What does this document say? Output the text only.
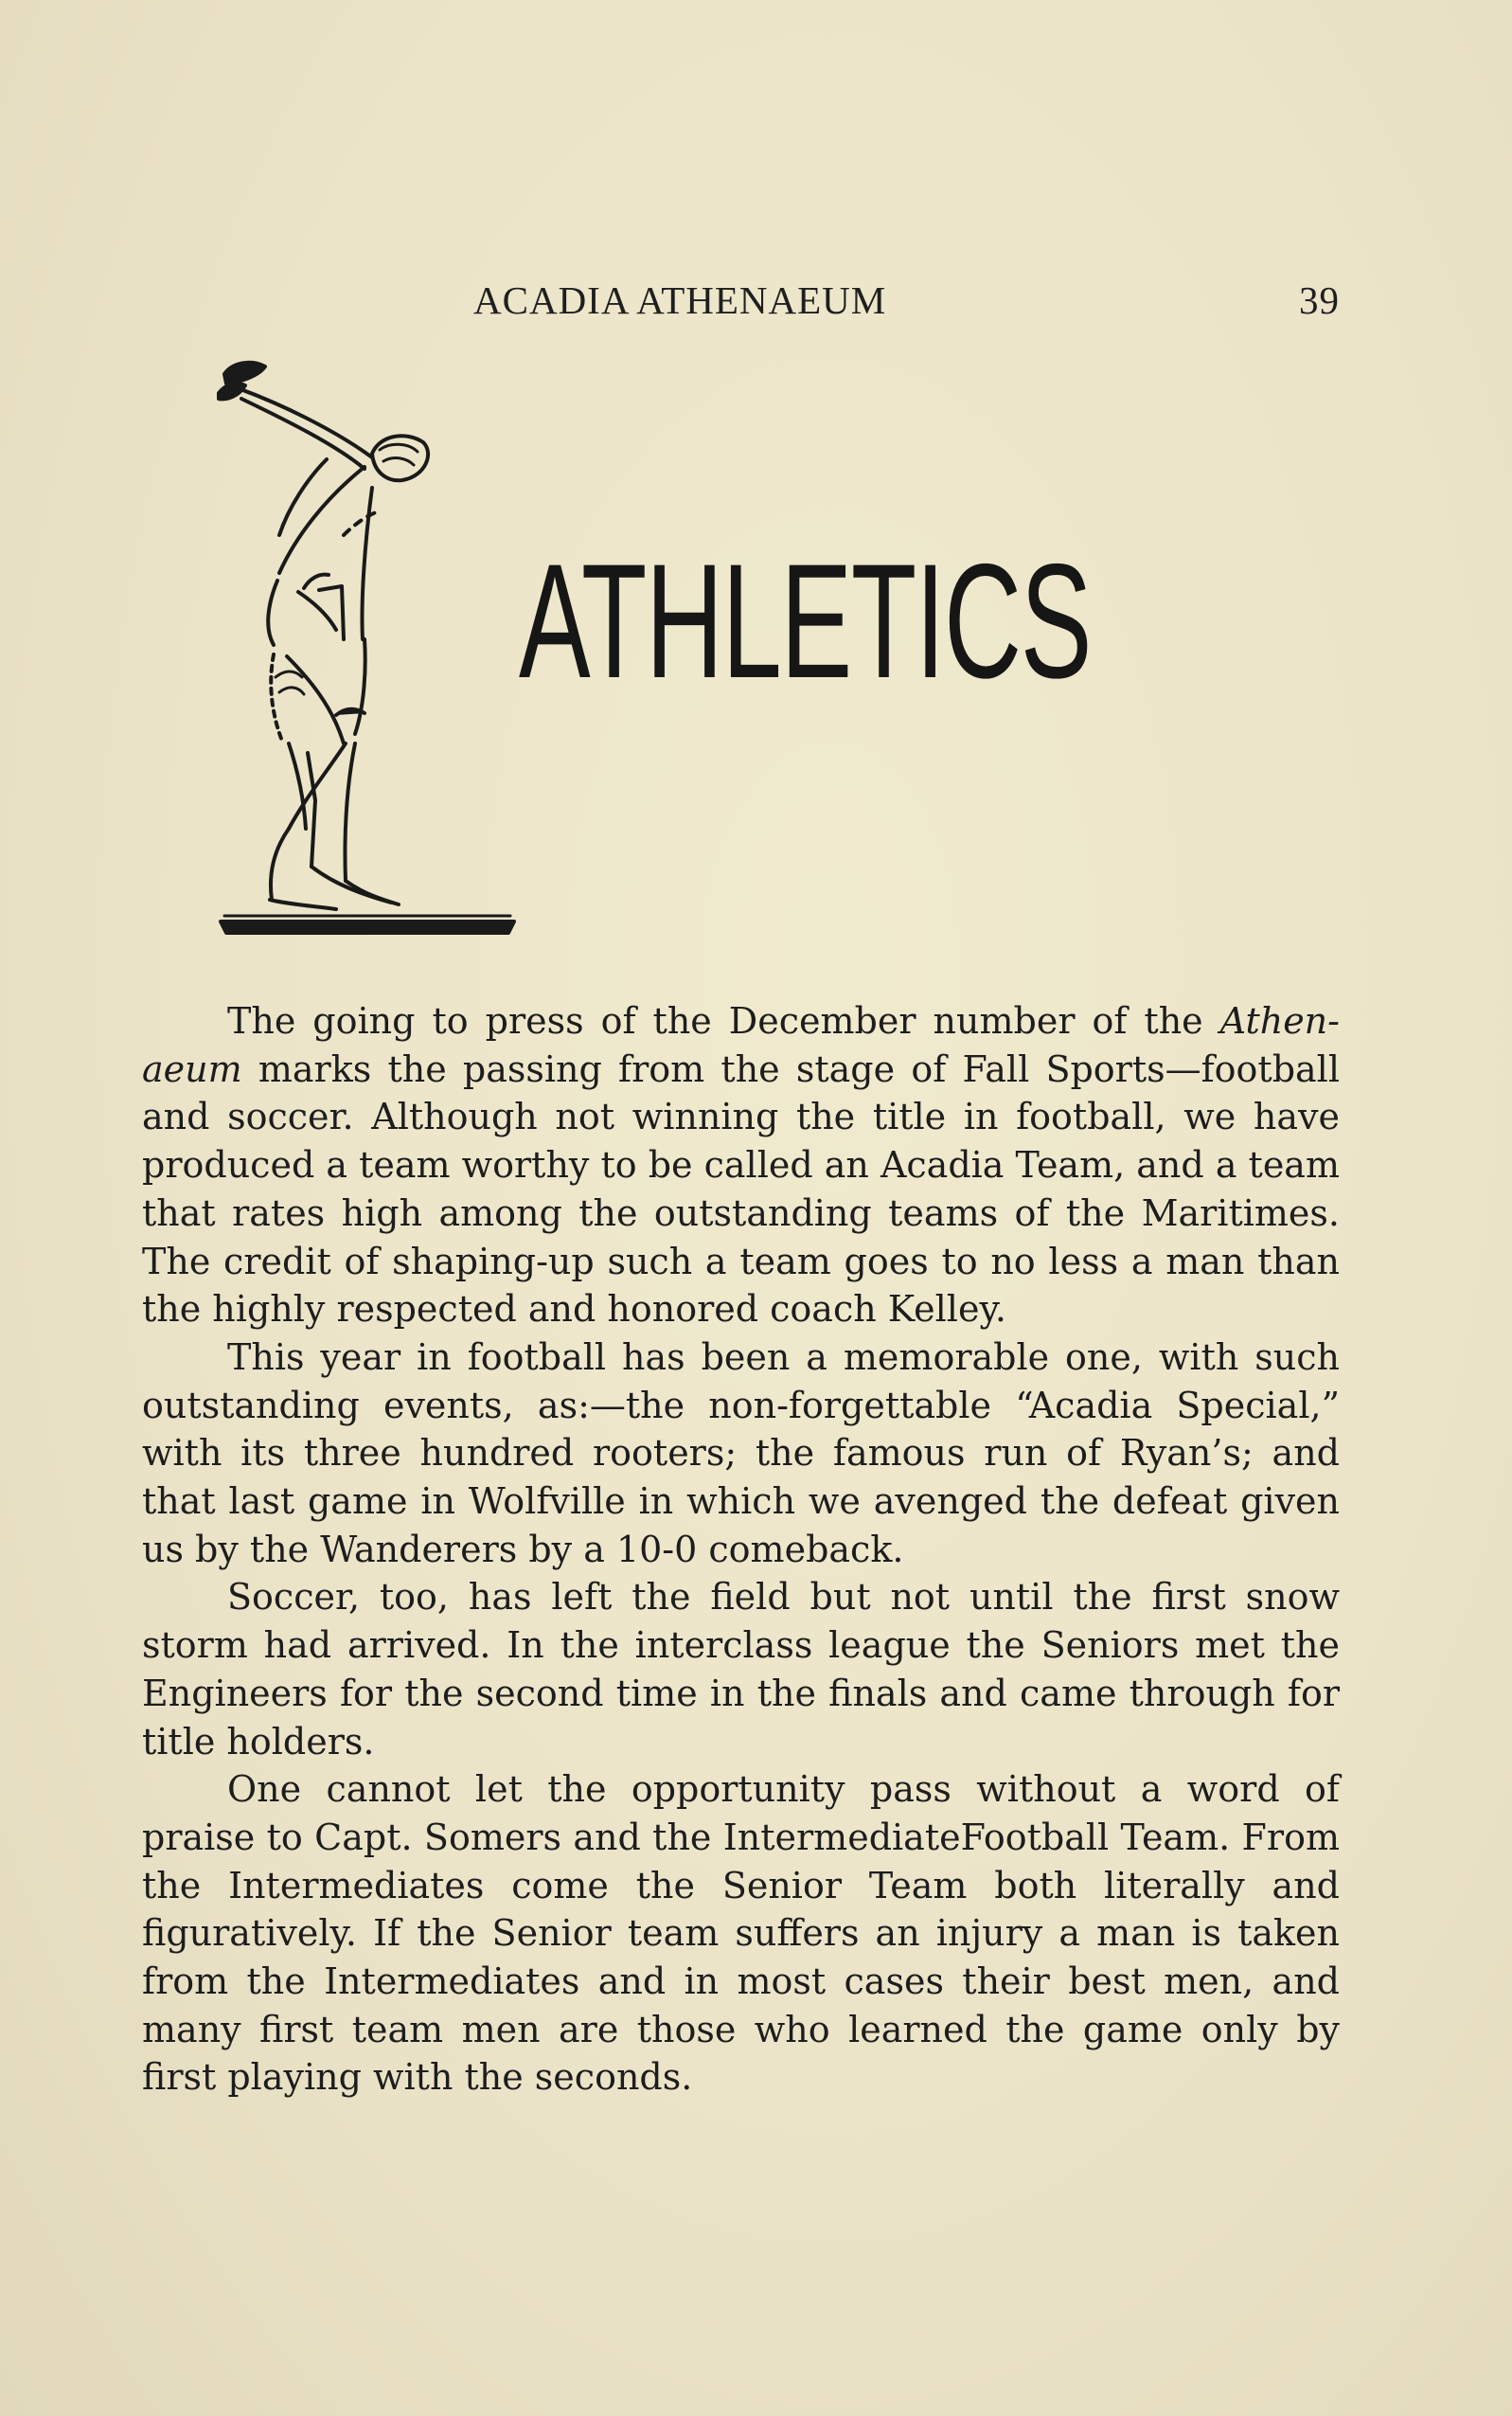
ACADIA ATHENAEUM	39
ATHLETICS

The going to press of the December number of the Athen-aeum marks the passing from the stage of Fall Sports—football and soccer. Although not winning the title in football, we have produced a team worthy to be called an Acadia Team, and a team that rates high among the outstanding teams of the Maritimes. The credit of shaping-up such a team goes to no less a man than the highly respected and honored coach Kelley.

This year in football has been a memorable one, with such outstanding events, as:—the non-forgettable “Acadia Special,” with its three hundred rooters; the famous run of Ryan’s; and that last game in Wolfville in which we avenged the defeat given us by the Wanderers by a 10-0 comeback.

Soccer, too, has left the field but not until the first snow storm had arrived. In the interclass league the Seniors met the Engineers for the second time in the finals and came through for title holders.

One cannot let the opportunity pass without a word of praise to Capt. Somers and the IntermediateFootball Team. From the Intermediates come the Senior Team both literally and figuratively. If the Senior team suffers an injury a man is taken from the Intermediates and in most cases their best men, and many first team men are those who learned the game only by first playing with the seconds.
